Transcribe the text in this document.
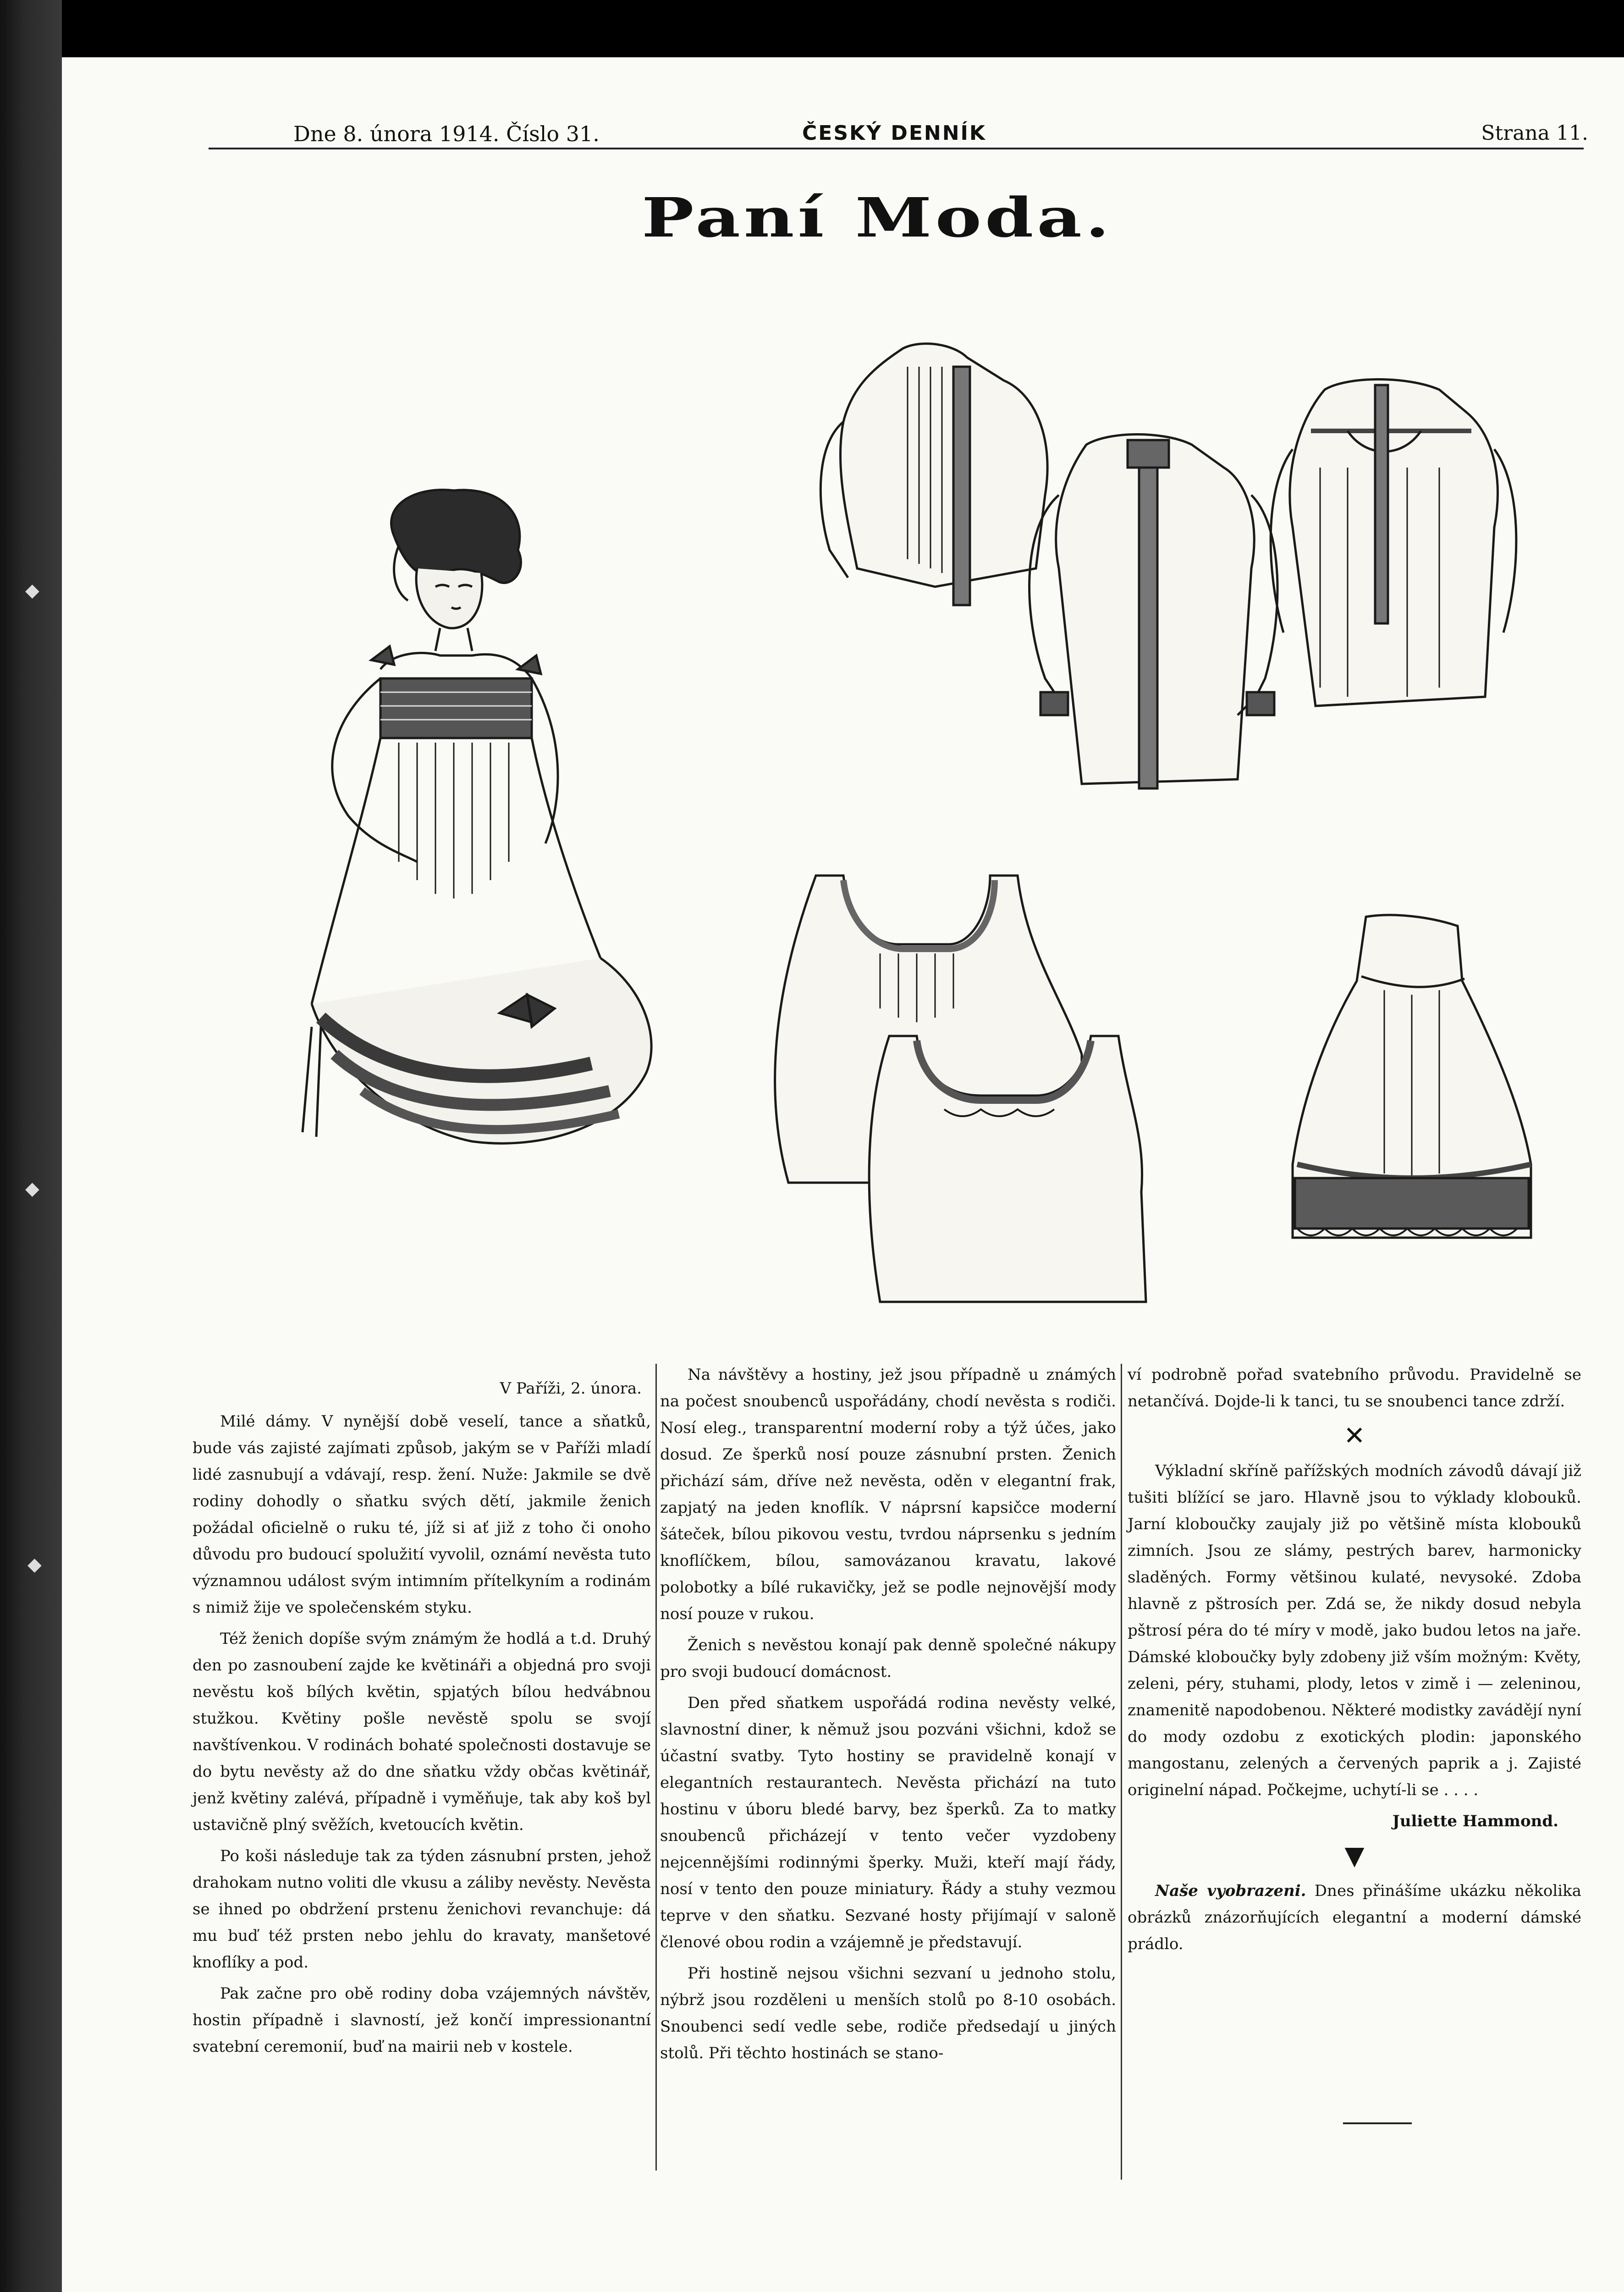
◆
◆
◆
Dne 8. února 1914. Číslo 31.	ČESKÝ DENNÍK	Strana 11.
Paní Moda.

V Paříži, 2. února.

Milé dámy. V nynější době veselí, tance a sňatků, bude vás zajisté zajímati způsob, jakým se v Paříži mladí lidé zasnubují a vdávají, resp. žení. Nuže: Jakmile se dvě rodiny dohodly o sňatku svých dětí, jakmile ženich požádal oficielně o ruku té, jíž si ať již z toho či onoho důvodu pro budoucí spolužití vyvolil, oznámí nevěsta tuto významnou událost svým intimním přítelkyním a rodinám s nimiž žije ve společenském styku.

Též ženich dopíše svým známým že hodlá a t.d. Druhý den po zasnoubení zajde ke květináři a objedná pro svoji nevěstu koš bílých květin, spjatých bílou hedvábnou stužkou. Květiny pošle nevěstě spolu se svojí navštívenkou. V rodinách bohaté společnosti dostavuje se do bytu nevěsty až do dne sňatku vždy občas květinář, jenž květiny zalévá, případně i vyměňuje, tak aby koš byl ustavičně plný svěžích, kvetoucích květin.

Po koši následuje tak za týden zásnubní prsten, jehož drahokam nutno voliti dle vkusu a záliby nevěsty. Nevěsta se ihned po obdržení prstenu ženichovi revanchuje: dá mu buď též prsten nebo jehlu do kravaty, manšetové knoflíky a pod.

Pak začne pro obě rodiny doba vzájemných návštěv, hostin případně i slavností, jež končí impressionantní svatební ceremonií, buď na mairii neb v kostele.

Na návštěvy a hostiny, jež jsou případně u známých na počest snoubenců uspořádány, chodí nevěsta s rodiči. Nosí eleg., transparentní moderní roby a týž účes, jako dosud. Ze šperků nosí pouze zásnubní prsten. Ženich přichází sám, dříve než nevěsta, oděn v elegantní frak, zapjatý na jeden knoflík. V náprsní kapsičce moderní šáteček, bílou pikovou vestu, tvrdou náprsenku s jedním knoflíčkem, bílou, samovázanou kravatu, lakové polobotky a bílé rukavičky, jež se podle nejnovější mody nosí pouze v rukou.

Ženich s nevěstou konají pak denně společné nákupy pro svoji budoucí domácnost.

Den před sňatkem uspořádá rodina nevěsty velké, slavnostní diner, k němuž jsou pozváni všichni, kdož se účastní svatby. Tyto hostiny se pravidelně konají v elegantních restaurantech. Nevěsta přichází na tuto hostinu v úboru bledé barvy, bez šperků. Za to matky snoubenců přicházejí v tento večer vyzdobeny nejcennějšími rodinnými šperky. Muži, kteří mají řády, nosí v tento den pouze miniatury. Řády a stuhy vezmou teprve v den sňatku. Sezvané hosty přijímají v saloně členové obou rodin a vzájemně je představují.

Při hostině nejsou všichni sezvaní u jednoho stolu, nýbrž jsou rozděleni u menších stolů po 8-10 osobách. Snoubenci sedí vedle sebe, rodiče předsedají u jiných stolů. Při těchto hostinách se stano-

ví podrobně pořad svatebního průvodu. Pravidelně se netančívá. Dojde-li k tanci, tu se snoubenci tance zdrží.

✕

Výkladní skříně pařížských modních závodů dávají již tušiti blížící se jaro. Hlavně jsou to výklady klobouků. Jarní kloboučky zaujaly již po většině místa klobouků zimních. Jsou ze slámy, pestrých barev, harmonicky sladěných. Formy většinou kulaté, nevysoké. Zdoba hlavně z pštrosích per. Zdá se, že nikdy dosud nebyla pštrosí péra do té míry v modě, jako budou letos na jaře. Dámské kloboučky byly zdobeny již vším možným: Květy, zeleni, péry, stuhami, plody, letos v zimě i — zeleninou, znamenitě napodobenou. Některé modistky zavádějí nyní do mody ozdobu z exotických plodin: japonského mangostanu, zelených a červených paprik a j. Zajisté originelní nápad. Počkejme, uchytí-li se . . . .

Juliette Hammond.

▼

Naše vyobrazeni. Dnes přinášíme ukázku několika obrázků znázorňujících elegantní a moderní dámské prádlo.
